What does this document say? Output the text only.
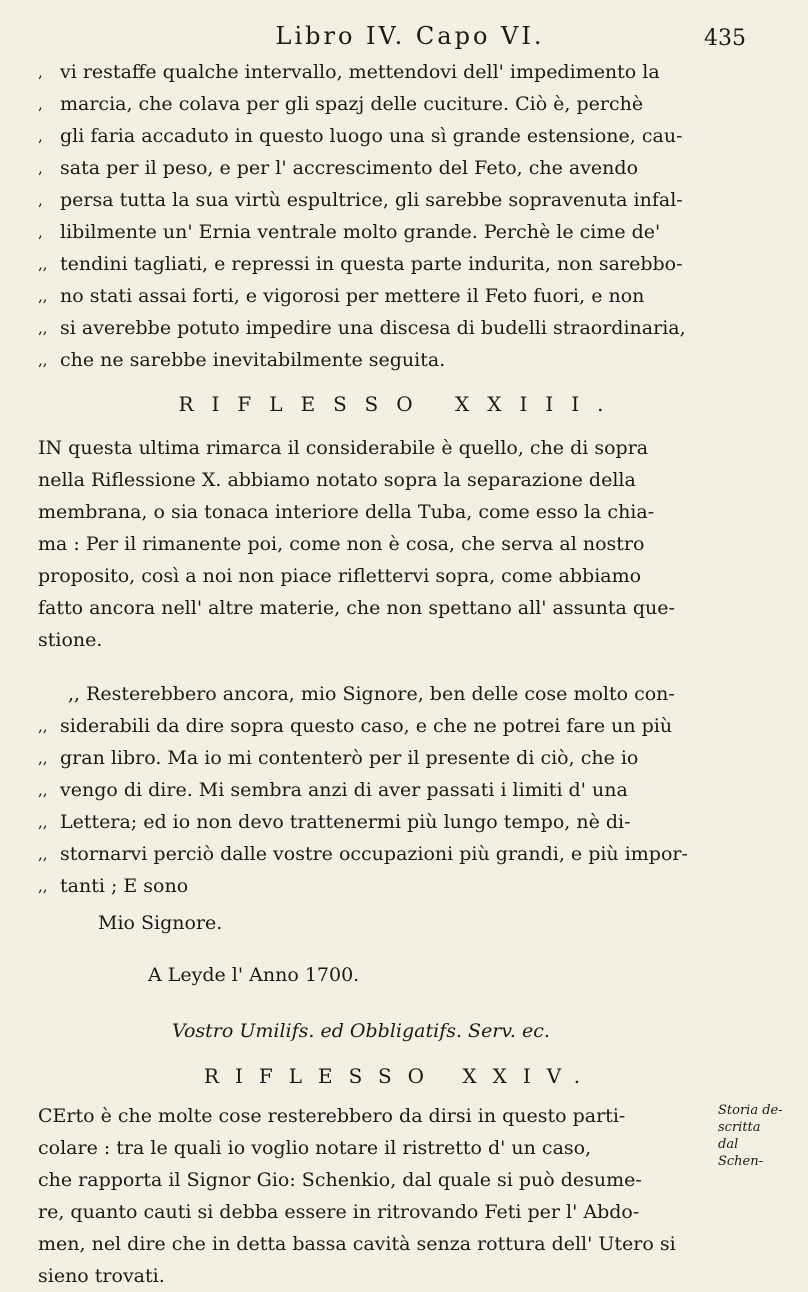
Libro IV. Capo VI.	435
, vi restaffe qualche intervallo, mettendovi dell' impedimento la
, marcia, che colava per gli spazj delle cuciture. Ciò è, perchè
, gli faria accaduto in questo luogo una sì grande estensione, cau-
, sata per il peso, e per l' accrescimento del Feto, che avendo
, persa tutta la sua virtù espultrice, gli sarebbe sopravenuta infal-
, libilmente un' Ernia ventrale molto grande. Perchè le cime de'
,, tendini tagliati, e repressi in questa parte indurita, non sarebbo-
,, no stati assai forti, e vigorosi per mettere il Feto fuori, e non
,, si averebbe potuto impedire una discesa di budelli straordinaria,
,, che ne sarebbe inevitabilmente seguita.
RIFLESSO XXIII.
IN questa ultima rimarca il considerabile è quello, che di sopra
nella Riflessione X. abbiamo notato sopra la separazione della
membrana, o sia tonaca interiore della Tuba, come esso la chia-
ma : Per il rimanente poi, come non è cosa, che serva al nostro
proposito, così a noi non piace riflettervi sopra, come abbiamo
fatto ancora nell' altre materie, che non spettano all' assunta que-
stione.
,, Resterebbero ancora, mio Signore, ben delle cose molto con-
,, siderabili da dire sopra questo caso, e che ne potrei fare un più
,, gran libro. Ma io mi contenterò per il presente di ciò, che io
,, vengo di dire. Mi sembra anzi di aver passati i limiti d' una
,, Lettera; ed io non devo trattenermi più lungo tempo, nè di-
,, stornarvi perciò dalle vostre occupazioni più grandi, e più impor-
,, tanti ; E sono
Mio Signore.
A Leyde l' Anno 1700.
Vostro Umilifs. ed Obbligatifs. Serv. ec.
RIFLESSO XXIV.
CErto è che molte cose resterebbero da dirsi in questo parti-
colare : tra le quali io voglio notare il ristretto d' un caso,
che rapporta il Signor Gio: Schenkio, dal quale si può desume-
re, quanto cauti si debba essere in ritrovando Feti per l' Abdo-
men, nel dire che in detta bassa cavità senza rottura dell' Utero si
sieno trovati.
Storia de-
scritta
dal
Schen-
